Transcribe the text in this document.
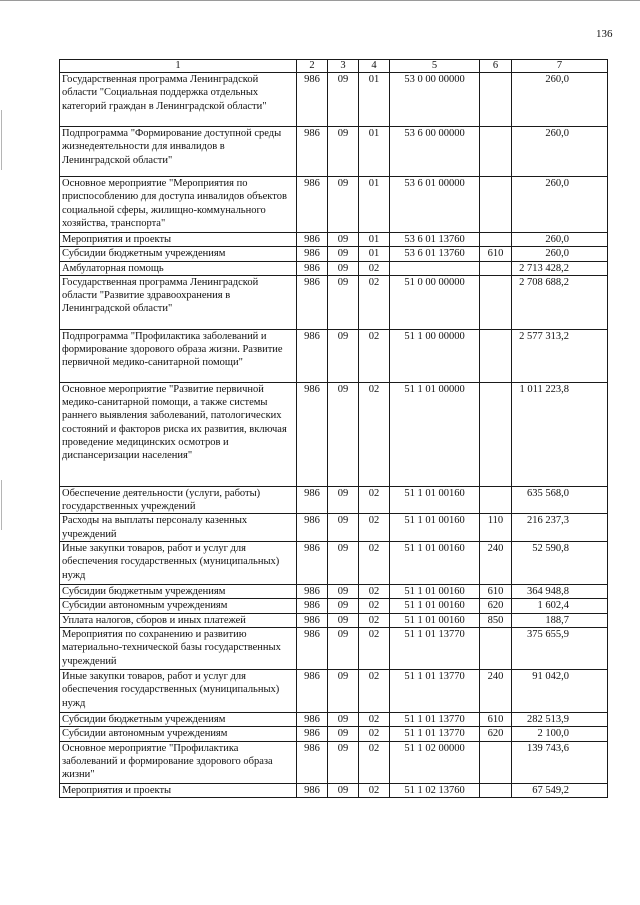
136
1	2	3	4	5	6	7
Государственная программа Ленинградской области "Социальная поддержка отдельных категорий граждан в Ленинградской области"	986	09	01	53 0 00 00000		260,0
Подпрограмма "Формирование доступной среды жизнедеятельности для инвалидов в Ленинградской области"	986	09	01	53 6 00 00000		260,0
Основное мероприятие "Мероприятия по приспособлению для доступа инвалидов объектов социальной сферы, жилищно-коммунального хозяйства, транспорта"	986	09	01	53 6 01 00000		260,0
Мероприятия и проекты	986	09	01	53 6 01 13760		260,0
Субсидии бюджетным учреждениям	986	09	01	53 6 01 13760	610	260,0
Амбулаторная помощь	986	09	02			2 713 428,2
Государственная программа Ленинградской области "Развитие здравоохранения в Ленинградской области"	986	09	02	51 0 00 00000		2 708 688,2
Подпрограмма "Профилактика заболеваний и формирование здорового образа жизни. Развитие первичной медико-санитарной помощи"	986	09	02	51 1 00 00000		2 577 313,2
Основное мероприятие "Развитие первичной медико-санитарной помощи, а также системы раннего выявления заболеваний, патологических состояний и факторов риска их развития, включая проведение медицинских осмотров и диспансеризации населения"	986	09	02	51 1 01 00000		1 011 223,8
Обеспечение деятельности (услуги, работы) государственных учреждений	986	09	02	51 1 01 00160		635 568,0
Расходы на выплаты персоналу казенных учреждений	986	09	02	51 1 01 00160	110	216 237,3
Иные закупки товаров, работ и услуг для обеспечения государственных (муниципальных) нужд	986	09	02	51 1 01 00160	240	52 590,8
Субсидии бюджетным учреждениям	986	09	02	51 1 01 00160	610	364 948,8
Субсидии автономным учреждениям	986	09	02	51 1 01 00160	620	1 602,4
Уплата налогов, сборов и иных платежей	986	09	02	51 1 01 00160	850	188,7
Мероприятия по сохранению и развитию материально-технической базы государственных учреждений	986	09	02	51 1 01 13770		375 655,9
Иные закупки товаров, работ и услуг для обеспечения государственных (муниципальных) нужд	986	09	02	51 1 01 13770	240	91 042,0
Субсидии бюджетным учреждениям	986	09	02	51 1 01 13770	610	282 513,9
Субсидии автономным учреждениям	986	09	02	51 1 01 13770	620	2 100,0
Основное мероприятие "Профилактика заболеваний и формирование здорового образа жизни"	986	09	02	51 1 02 00000		139 743,6
Мероприятия и проекты	986	09	02	51 1 02 13760		67 549,2
